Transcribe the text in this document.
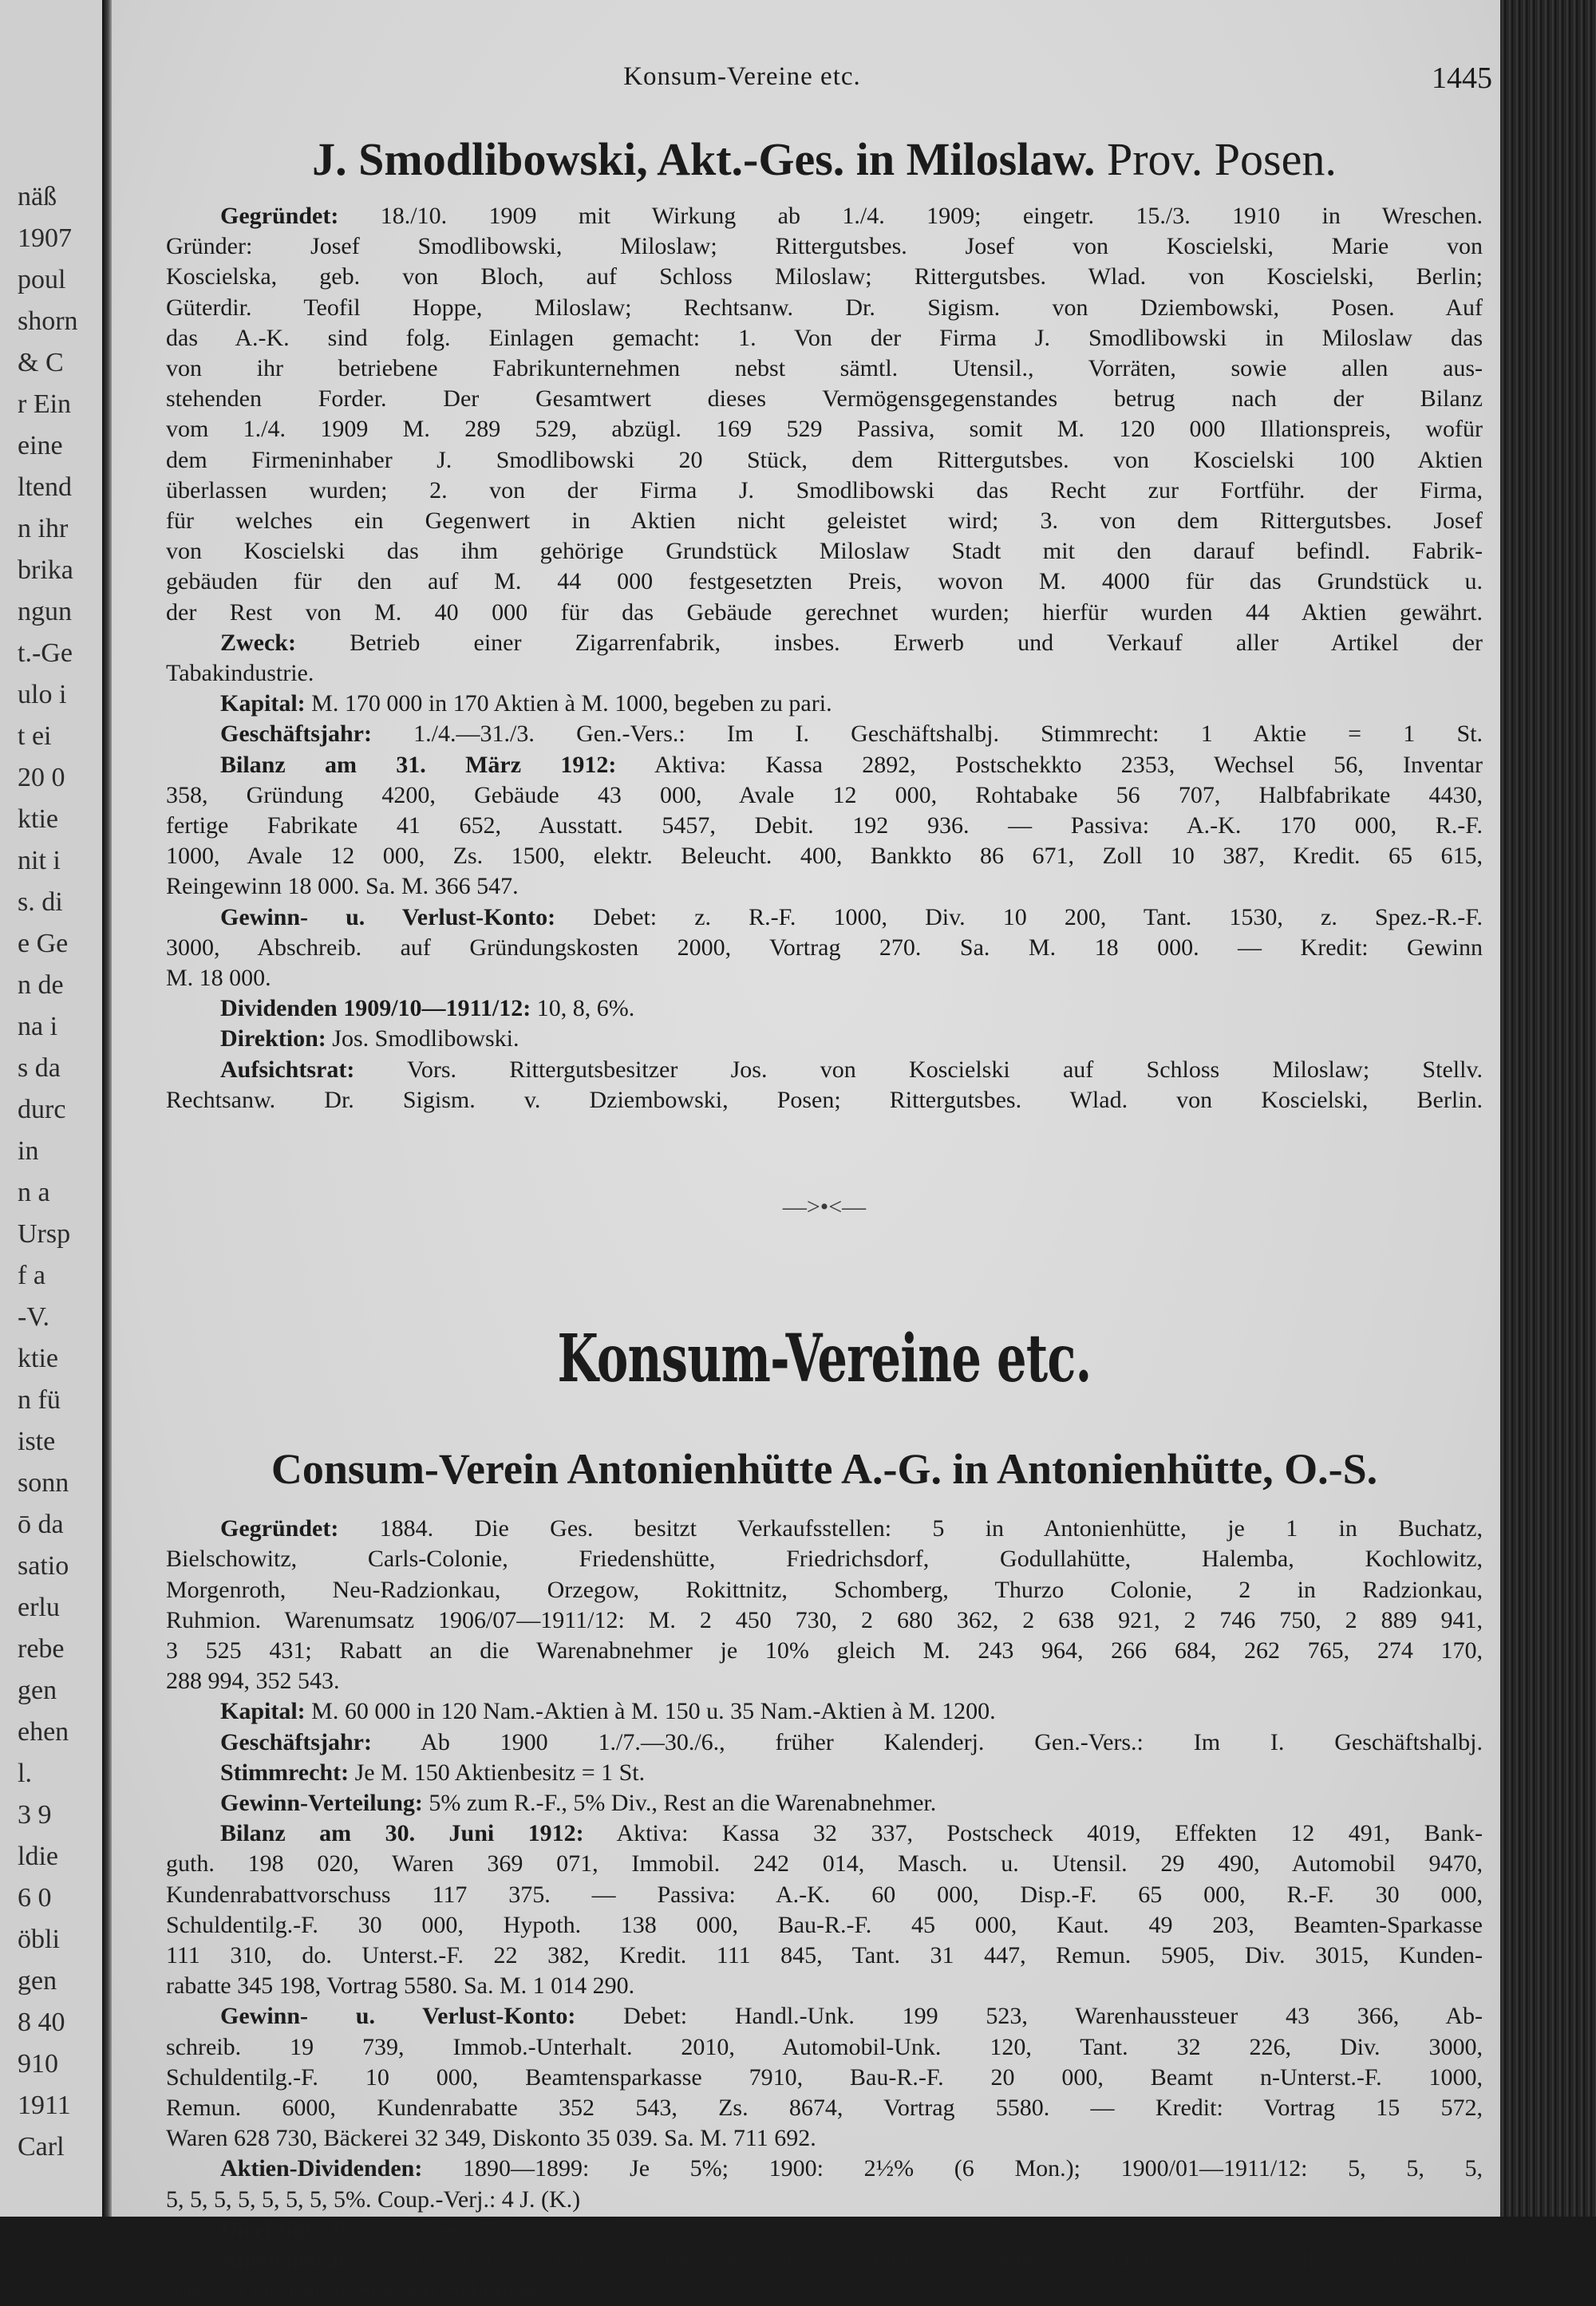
näß
1907
poul
shorn
& C
r Ein
eine
ltend
n ihr
brika
ngun
t.-Ge
ulo i
t ei
20 0
ktie
nit i
s. di
e Ge
n de
na i
s da
durc
in
n a
Ursp
f a
-V.
ktie
n fü
iste
sonn
ō da
satio
erlu
rebe
gen
ehen
l.
3 9
ldie
6 0
öbli
gen
8 40
910
1911
Carl
Konsum-Vereine etc.	1445
J. Smodlibowski, Akt.-Ges. in Miloslaw. Prov. Posen.

Gegründet: 18./10. 1909 mit Wirkung ab 1./4. 1909; eingetr. 15./3. 1910 in Wreschen.

Gründer: Josef Smodlibowski, Miloslaw; Rittergutsbes. Josef von Koscielski, Marie von

Koscielska, geb. von Bloch, auf Schloss Miloslaw; Rittergutsbes. Wlad. von Koscielski, Berlin;

Güterdir. Teofil Hoppe, Miloslaw; Rechtsanw. Dr. Sigism. von Dziembowski, Posen. Auf

das A.-K. sind folg. Einlagen gemacht: 1. Von der Firma J. Smodlibowski in Miloslaw das

von ihr betriebene Fabrikunternehmen nebst sämtl. Utensil., Vorräten, sowie allen aus-

stehenden Forder. Der Gesamtwert dieses Vermögensgegenstandes betrug nach der Bilanz

vom 1./4. 1909 M. 289 529, abzügl. 169 529 Passiva, somit M. 120 000 Illationspreis, wofür

dem Firmeninhaber J. Smodlibowski 20 Stück, dem Rittergutsbes. von Koscielski 100 Aktien

überlassen wurden; 2. von der Firma J. Smodlibowski das Recht zur Fortführ. der Firma,

für welches ein Gegenwert in Aktien nicht geleistet wird; 3. von dem Rittergutsbes. Josef

von Koscielski das ihm gehörige Grundstück Miloslaw Stadt mit den darauf befindl. Fabrik-

gebäuden für den auf M. 44 000 festgesetzten Preis, wovon M. 4000 für das Grundstück u.

der Rest von M. 40 000 für das Gebäude gerechnet wurden; hierfür wurden 44 Aktien gewährt.

Zweck: Betrieb einer Zigarrenfabrik, insbes. Erwerb und Verkauf aller Artikel der

Tabakindustrie.

Kapital: M. 170 000 in 170 Aktien à M. 1000, begeben zu pari.

Geschäftsjahr: 1./4.—31./3. Gen.-Vers.: Im I. Geschäftshalbj. Stimmrecht: 1 Aktie = 1 St.

Bilanz am 31. März 1912: Aktiva: Kassa 2892, Postschekkto 2353, Wechsel 56, Inventar

358, Gründung 4200, Gebäude 43 000, Avale 12 000, Rohtabake 56 707, Halbfabrikate 4430,

fertige Fabrikate 41 652, Ausstatt. 5457, Debit. 192 936. — Passiva: A.-K. 170 000, R.-F.

1000, Avale 12 000, Zs. 1500, elektr. Beleucht. 400, Bankkto 86 671, Zoll 10 387, Kredit. 65 615,

Reingewinn 18 000. Sa. M. 366 547.

Gewinn- u. Verlust-Konto: Debet: z. R.-F. 1000, Div. 10 200, Tant. 1530, z. Spez.-R.-F.

3000, Abschreib. auf Gründungskosten 2000, Vortrag 270. Sa. M. 18 000. — Kredit: Gewinn

M. 18 000.

Dividenden 1909/10—1911/12: 10, 8, 6%.

Direktion: Jos. Smodlibowski.

Aufsichtsrat: Vors. Rittergutsbesitzer Jos. von Koscielski auf Schloss Miloslaw; Stellv.

Rechtsanw. Dr. Sigism. v. Dziembowski, Posen; Rittergutsbes. Wlad. von Koscielski, Berlin.

—>•<—
Konsum-Vereine etc.
Consum-Verein Antonienhütte A.-G. in Antonienhütte, O.-S.

Gegründet: 1884. Die Ges. besitzt Verkaufsstellen: 5 in Antonienhütte, je 1 in Buchatz,

Bielschowitz, Carls-Colonie, Friedenshütte, Friedrichsdorf, Godullahütte, Halemba, Kochlowitz,

Morgenroth, Neu-Radzionkau, Orzegow, Rokittnitz, Schomberg, Thurzo Colonie, 2 in Radzionkau,

Ruhmion. Warenumsatz 1906/07—1911/12: M. 2 450 730, 2 680 362, 2 638 921, 2 746 750, 2 889 941,

3 525 431; Rabatt an die Warenabnehmer je 10% gleich M. 243 964, 266 684, 262 765, 274 170,

288 994, 352 543.

Kapital: M. 60 000 in 120 Nam.-Aktien à M. 150 u. 35 Nam.-Aktien à M. 1200.

Geschäftsjahr: Ab 1900 1./7.—30./6., früher Kalenderj. Gen.-Vers.: Im I. Geschäftshalbj.

Stimmrecht: Je M. 150 Aktienbesitz = 1 St.

Gewinn-Verteilung: 5% zum R.-F., 5% Div., Rest an die Warenabnehmer.

Bilanz am 30. Juni 1912: Aktiva: Kassa 32 337, Postscheck 4019, Effekten 12 491, Bank-

guth. 198 020, Waren 369 071, Immobil. 242 014, Masch. u. Utensil. 29 490, Automobil 9470,

Kundenrabattvorschuss 117 375. — Passiva: A.-K. 60 000, Disp.-F. 65 000, R.-F. 30 000,

Schuldentilg.-F. 30 000, Hypoth. 138 000, Bau-R.-F. 45 000, Kaut. 49 203, Beamten-Sparkasse

111 310, do. Unterst.-F. 22 382, Kredit. 111 845, Tant. 31 447, Remun. 5905, Div. 3015, Kunden-

rabatte 345 198, Vortrag 5580. Sa. M. 1 014 290.

Gewinn- u. Verlust-Konto: Debet: Handl.-Unk. 199 523, Warenhaussteuer 43 366, Ab-

schreib. 19 739, Immob.-Unterhalt. 2010, Automobil-Unk. 120, Tant. 32 226, Div. 3000,

Schuldentilg.-F. 10 000, Beamtensparkasse 7910, Bau-R.-F. 20 000, Beamt n-Unterst.-F. 1000,

Remun. 6000, Kundenrabatte 352 543, Zs. 8674, Vortrag 5580. — Kredit: Vortrag 15 572,

Waren 628 730, Bäckerei 32 349, Diskonto 35 039. Sa. M. 711 692.

Aktien-Dividenden: 1890—1899: Je 5%; 1900: 2½% (6 Mon.); 1900/01—1911/12: 5, 5, 5,

5, 5, 5, 5, 5, 5, 5, 5%. Coup.-Verj.: 4 J. (K.)

Direktion: Paul Schubert, Morawetz.

Aufsichtsrat: (7—12) Vors. Bergwerks-Dir. Paul Riedel, Tarnowitz; Stellv. Gen.-Dir.

Justizrat Dr. Bernh. Stephan, Schomberg.
